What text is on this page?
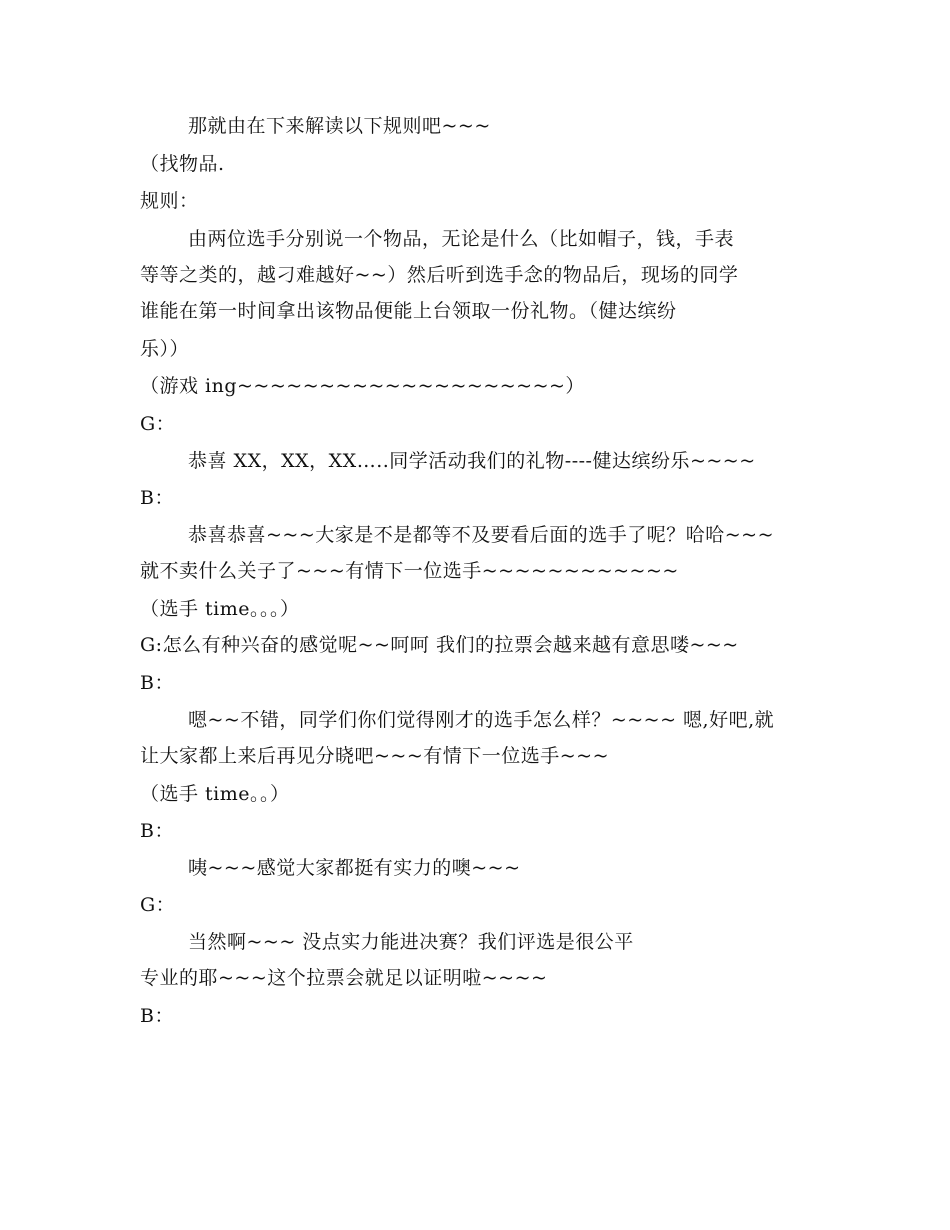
那就由在下来解读以下规则吧~~~
（找物品.
规则：
由两位选手分别说一个物品，无论是什么（比如帽子，钱，手表
等等之类的，越刁难越好~~）然后听到选手念的物品后，现场的同学
谁能在第一时间拿出该物品便能上台领取一份礼物。（健达缤纷
乐））
（游戏 ing~~~~~~~~~~~~~~~~~~~~）
G：
恭喜 XX，XX，XX…..同学活动我们的礼物----健达缤纷乐~~~~
B：
恭喜恭喜~~~大家是不是都等不及要看后面的选手了呢？哈哈~~~
就不卖什么关子了~~~有情下一位选手~~~~~~~~~~~~
（选手 time。。。）
G:怎么有种兴奋的感觉呢~~呵呵 我们的拉票会越来越有意思喽~~~
B：
嗯~~不错，同学们你们觉得刚才的选手怎么样？~~~~ 嗯,好吧,就
让大家都上来后再见分晓吧~~~有情下一位选手~~~
（选手 time。。）
B：
咦~~~感觉大家都挺有实力的噢~~~
G：
当然啊~~~ 没点实力能进决赛？我们评选是很公平
专业的耶~~~这个拉票会就足以证明啦~~~~
B：
